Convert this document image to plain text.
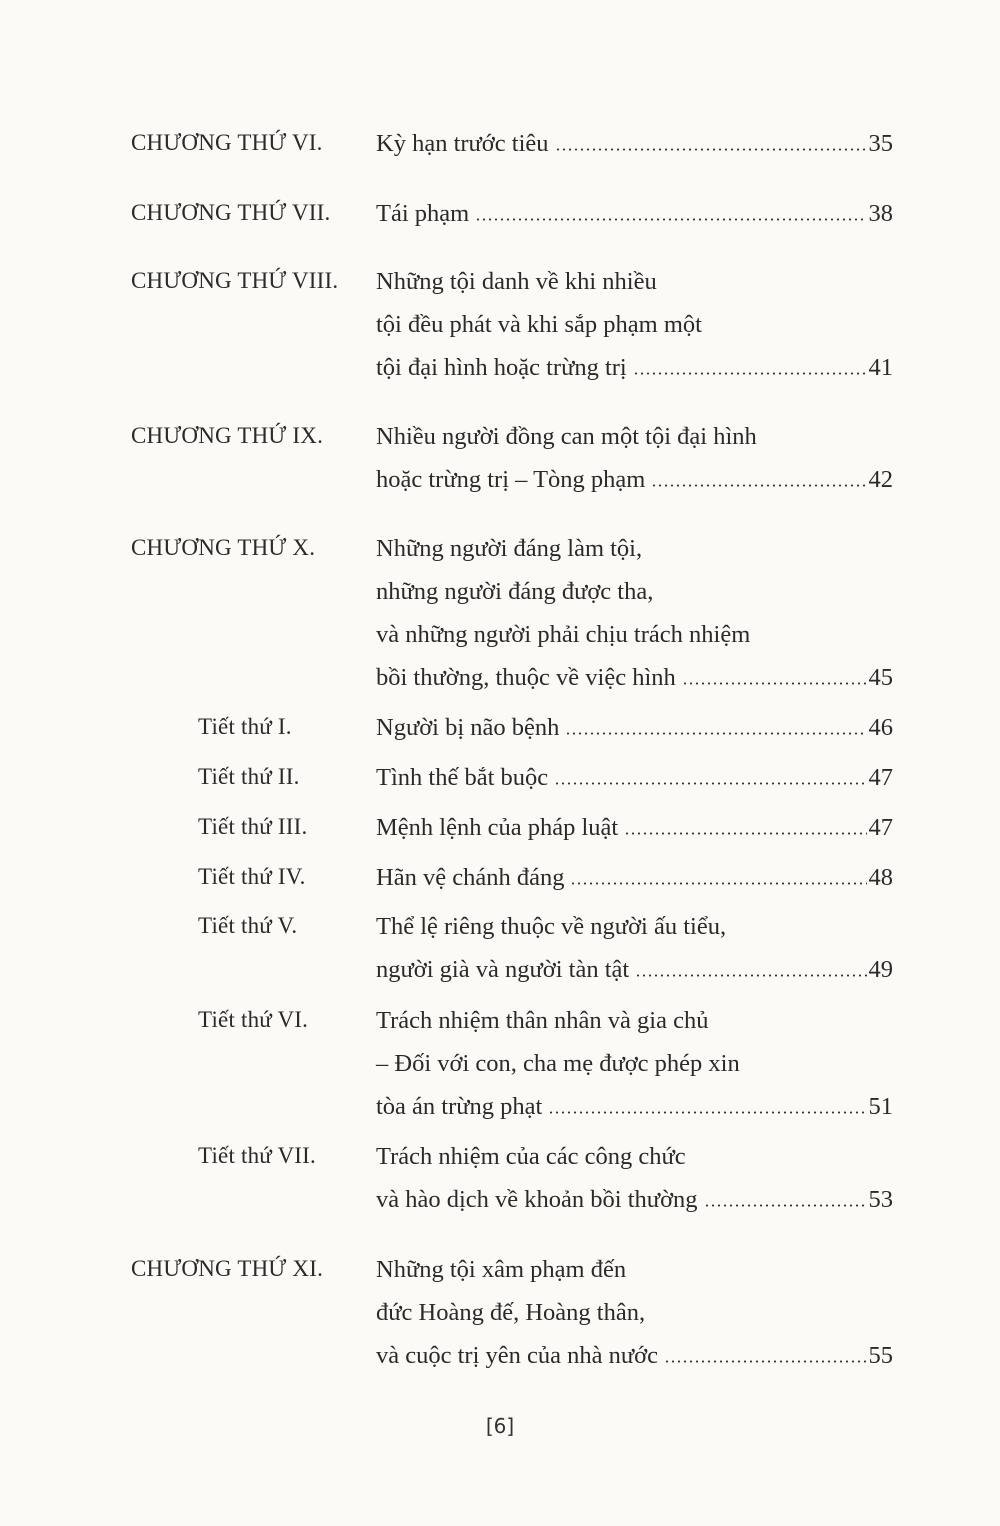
CHƯƠNG THỨ VI. Kỳ hạn trước tiêu	35
CHƯƠNG THỨ VII. Tái phạm	38
CHƯƠNG THỨ VIII. Những tội danh về khi nhiều
tội đều phát và khi sắp phạm một
tội đại hình hoặc trừng trị	41
CHƯƠNG THỨ IX. Nhiều người đồng can một tội đại hình
hoặc trừng trị – Tòng phạm	42
CHƯƠNG THỨ X. Những người đáng làm tội,
những người đáng được tha,
và những người phải chịu trách nhiệm
bồi thường, thuộc về việc hình	45
Tiết thứ I.	Người bị não bệnh	46
Tiết thứ II.	Tình thế bắt buộc	47
Tiết thứ III.	Mệnh lệnh của pháp luật	47
Tiết thứ IV.	Hãn vệ chánh đáng	48
Tiết thứ V.	Thể lệ riêng thuộc về người ấu tiểu,
người già và người tàn tật	49
Tiết thứ VI.	Trách nhiệm thân nhân và gia chủ
– Đối với con, cha mẹ được phép xin
tòa án trừng phạt	51
Tiết thứ VII. Trách nhiệm của các công chức
và hào dịch về khoản bồi thường	53
CHƯƠNG THỨ XI. Những tội xâm phạm đến
đức Hoàng đế, Hoàng thân,
và cuộc trị yên của nhà nước	55
[6]
